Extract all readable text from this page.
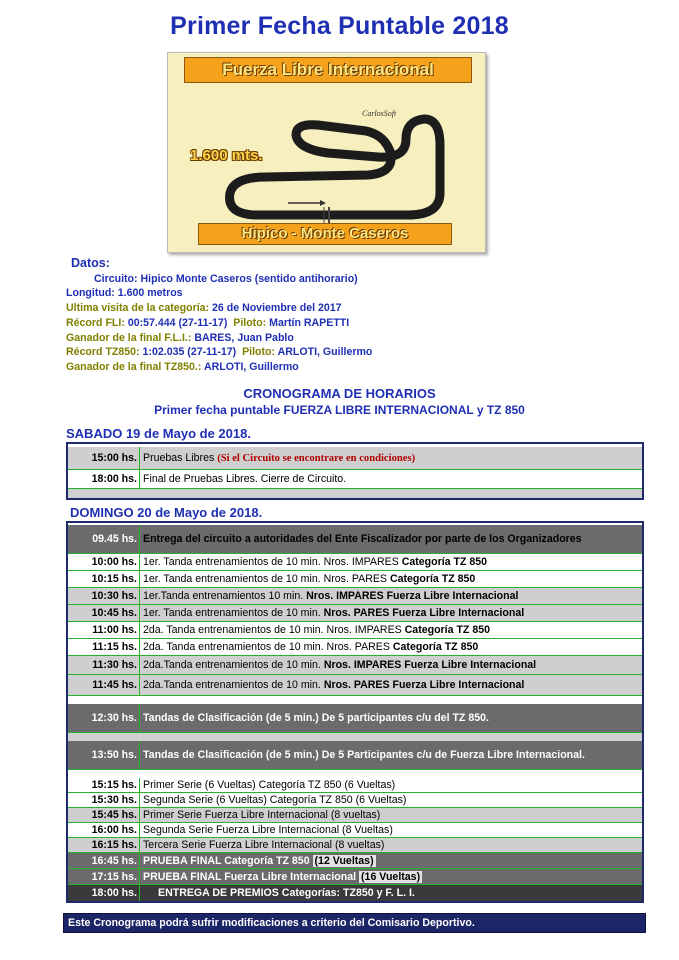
Primer Fecha Puntable 2018
Fuerza Libre Internacional
1.600 mts.
CarlosSoft
Hipico - Monte Caseros
Datos:
Circuito: Hipico Monte Caseros (sentido antihorario)
Longitud: 1.600 metros
Ultima visita de la categoría: 26 de Noviembre del 2017
Récord FLI: 00:57.444 (27-11-17) Piloto: Martín RAPETTI
Ganador de la final F.L.I.: BARES, Juan Pablo
Récord TZ850: 1:02.035 (27-11-17) Piloto: ARLOTI, Guillermo
Ganador de la final TZ850.: ARLOTI, Guillermo
CRONOGRAMA DE HORARIOS
Primer fecha puntable FUERZA LIBRE INTERNACIONAL y TZ 850
SABADO 19 de Mayo de 2018.
15:00 hs. Pruebas Libres (Si el Circuito se encontrare en condiciones)
18:00 hs. Final de Pruebas Libres. Cierre de Circuito.
DOMINGO 20 de Mayo de 2018.
09.45 hs. Entrega del circuito a autoridades del Ente Fiscalizador por parte de los Organizadores
10:00 hs. 1er. Tanda entrenamientos de 10 min. Nros. IMPARES Categoría TZ 850
10:15 hs. 1er. Tanda entrenamientos de 10 min. Nros. PARES Categoría TZ 850
10:30 hs. 1er.Tanda entrenamientos 10 min. Nros. IMPARES Fuerza Libre Internacional
10:45 hs. 1er. Tanda entrenamientos de 10 min. Nros. PARES Fuerza Libre Internacional
11:00 hs. 2da. Tanda entrenamientos de 10 min. Nros. IMPARES Categoría TZ 850
11:15 hs. 2da. Tanda entrenamientos de 10 min. Nros. PARES Categoría TZ 850
11:30 hs. 2da.Tanda entrenamientos de 10 min. Nros. IMPARES Fuerza Libre Internacional
11:45 hs. 2da.Tanda entrenamientos de 10 min. Nros. PARES Fuerza Libre Internacional
12:30 hs. Tandas de Clasificación (de 5 min.) De 5 participantes c/u del TZ 850.
13:50 hs. Tandas de Clasificación (de 5 min.) De 5 Participantes c/u de Fuerza Libre Internacional.
15:15 hs. Primer Serie (6 Vueltas) Categoría TZ 850 (6 Vueltas)
15:30 hs. Segunda Serie (6 Vueltas) Categoría TZ 850 (6 Vueltas)
15:45 hs. Primer Serie Fuerza Libre Internacional (8 vueltas)
16:00 hs. Segunda Serie Fuerza Libre Internacional (8 Vueltas)
16:15 hs. Tercera Serie Fuerza Libre Internacional (8 vueltas)
16:45 hs. PRUEBA FINAL Categoría TZ 850 (12 Vueltas)
17:15 hs. PRUEBA FINAL Fuerza Libre Internacional (16 Vueltas)
18:00 hs.	ENTREGA DE PREMIOS Categorías: TZ850 y F. L. I.
Este Cronograma podrá sufrir modificaciones a criterio del Comisario Deportivo.
